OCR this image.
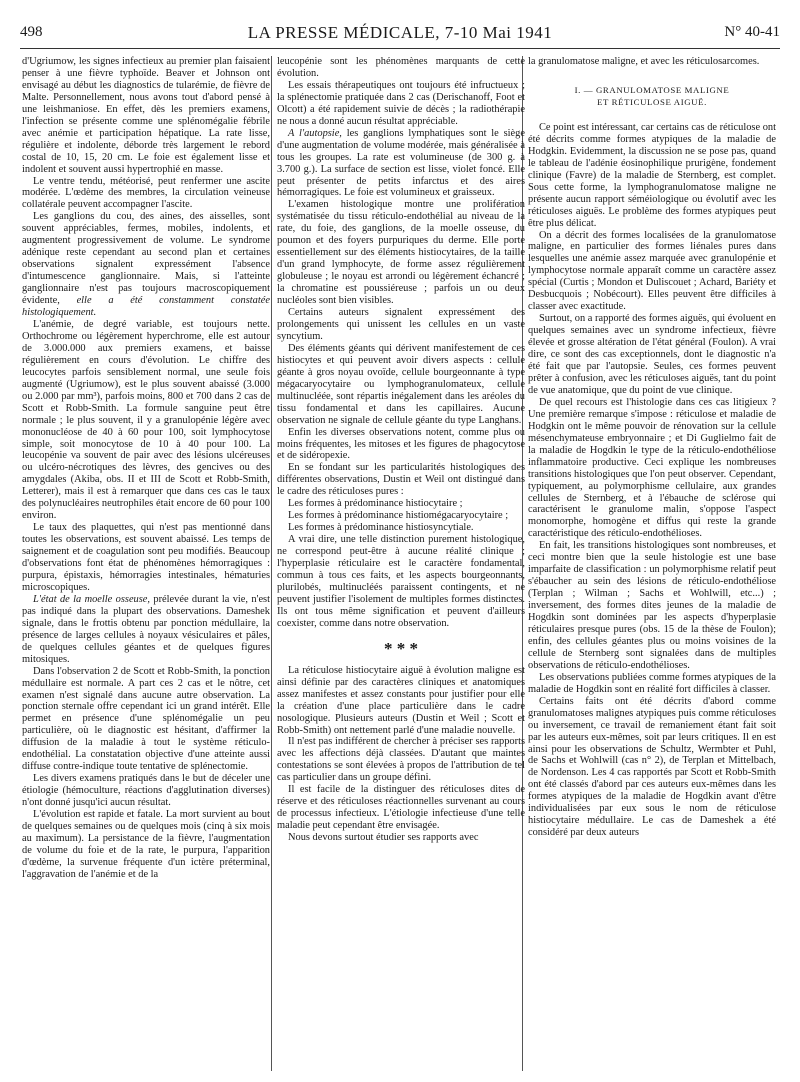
498	LA PRESSE MÉDICALE, 7-10 Mai 1941	N° 40-41

d'Ugriumow, les signes infectieux au premier plan faisaient penser à une fièvre typhoïde. Beaver et Johnson ont envisagé au début les diagnostics de tularémie, de fièvre de Malte. Personnellement, nous avons tout d'abord pensé à une leishmaniose. En effet, dès les premiers examens, l'infection se présente comme une splénomégalie fébrile avec anémie et participation hépatique. La rate lisse, régulière et indolente, déborde très largement le rebord costal de 10, 15, 20 cm. Le foie est également lisse et indolent et souvent aussi hypertrophié en masse.

Le ventre tendu, météorisé, peut renfermer une ascite modérée. L'œdème des membres, la circulation veineuse collatérale peuvent accompagner l'ascite.

Les ganglions du cou, des aines, des aisselles, sont souvent appréciables, fermes, mobiles, indolents, et augmentent progressivement de volume. Le syndrome adénique reste cependant au second plan et certaines observations signalent expressément l'absence d'intumescence ganglionnaire. Mais, si l'atteinte ganglionnaire n'est pas toujours macroscopiquement évidente, elle a été constamment constatée histologiquement.

L'anémie, de degré variable, est toujours nette. Orthochrome ou légèrement hyperchrome, elle est autour de 3.000.000 aux premiers examens, et baisse régulièrement en cours d'évolution. Le chiffre des leucocytes parfois sensiblement normal, une seule fois augmenté (Ugriumow), est le plus souvent abaissé (3.000 ou 2.000 par mm³), parfois moins, 800 et 700 dans 2 cas de Scott et Robb-Smith. La formule sanguine peut être normale ; le plus souvent, il y a granulopénie légère avec mononucléose de 40 à 60 pour 100, soit lymphocytose simple, soit monocytose de 10 à 40 pour 100. La leucopénie va souvent de pair avec des lésions ulcéreuses ou ulcéro-nécrotiques des lèvres, des gencives ou des amygdales (Akiba, obs. II et III de Scott et Robb-Smith, Letterer), mais il est à remarquer que dans ces cas le taux des polynucléaires neutrophiles était encore de 60 pour 100 environ.

Le taux des plaquettes, qui n'est pas mentionné dans toutes les observations, est souvent abaissé. Les temps de saignement et de coagulation sont peu modifiés. Beaucoup d'observations font état de phénomènes hémorragiques : purpura, épistaxis, hémorragies intestinales, hématuries microscopiques.

L'état de la moelle osseuse, prélevée durant la vie, n'est pas indiqué dans la plupart des observations. Dameshek signale, dans le frottis obtenu par ponction médullaire, la présence de larges cellules à noyaux vésiculaires et pâles, de quelques cellules géantes et de quelques figures mitosiques.

Dans l'observation 2 de Scott et Robb-Smith, la ponction médullaire est normale. A part ces 2 cas et le nôtre, cet examen n'est signalé dans aucune autre observation. La ponction sternale offre cependant ici un grand intérêt. Elle permet en présence d'une splénomégalie un peu particulière, où le diagnostic est hésitant, d'affirmer la diffusion de la maladie à tout le système réticulo-endothélial. La constatation objective d'une atteinte aussi diffuse contre-indique toute tentative de splénectomie.

Les divers examens pratiqués dans le but de déceler une étiologie (hémoculture, réactions d'agglutination diverses) n'ont donné jusqu'ici aucun résultat.

L'évolution est rapide et fatale. La mort survient au bout de quelques semaines ou de quelques mois (cinq à six mois au maximum). La persistance de la fièvre, l'augmentation de volume du foie et de la rate, le purpura, l'apparition d'œdème, la survenue fréquente d'un ictère préterminal, l'aggravation de l'anémie et de la

leucopénie sont les phénomènes marquants de cette évolution.

Les essais thérapeutiques ont toujours été infructueux ; la splénectomie pratiquée dans 2 cas (Derischanoff, Foot et Olcott) a été rapidement suivie de décès ; la radiothérapie ne nous a donné aucun résultat appréciable.

A l'autopsie, les ganglions lymphatiques sont le siège d'une augmentation de volume modérée, mais généralisée à tous les groupes. La rate est volumineuse (de 300 g. à 3.700 g.). La surface de section est lisse, violet foncé. Elle peut présenter de petits infarctus et des aires hémorragiques. Le foie est volumineux et graisseux.

L'examen histologique montre une prolifération systématisée du tissu réticulo-endothélial au niveau de la rate, du foie, des ganglions, de la moelle osseuse, du poumon et des foyers purpuriques du derme. Elle porte essentiellement sur des éléments histiocytaires, de la taille d'un grand lymphocyte, de forme assez régulièrement globuleuse ; le noyau est arrondi ou légèrement échancré ; la chromatine est poussiéreuse ; parfois un ou deux nucléoles sont bien visibles.

Certains auteurs signalent expressément des prolongements qui unissent les cellules en un vaste syncytium.

Des éléments géants qui dérivent manifestement de ces histiocytes et qui peuvent avoir divers aspects : cellule géante à gros noyau ovoïde, cellule bourgeonnante à type mégacaryocytaire ou lymphogranulomateux, cellule multinucléée, sont répartis inégalement dans les aréoles du tissu fondamental et dans les capillaires. Aucune observation ne signale de cellule géante du type Langhans.

Enfin les diverses observations notent, comme plus ou moins fréquentes, les mitoses et les figures de phagocytose et de sidéropexie.

En se fondant sur les particularités histologiques des différentes observations, Dustin et Weil ont distingué dans le cadre des réticuloses pures :

Les formes à prédominance histiocytaire ;

Les formes à prédominance histiomégacaryocytaire ;

Les formes à prédominance histiosyncytiale.

A vrai dire, une telle distinction purement histologique, ne correspond peut-être à aucune réalité clinique ; l'hyperplasie réticulaire est le caractère fondamental, commun à tous ces faits, et les aspects bourgeonnants, plurilobés, multinucléés paraissent contingents, et ne peuvent justifier l'isolement de multiples formes distinctes. Ils ont tous même signification et peuvent d'ailleurs coexister, comme dans notre observation.

* * *

La réticulose histiocytaire aiguë à évolution maligne est ainsi définie par des caractères cliniques et anatomiques assez manifestes et assez constants pour justifier pour elle la création d'une place particulière dans le cadre nosologique. Plusieurs auteurs (Dustin et Weil ; Scott et Robb-Smith) ont nettement parlé d'une maladie nouvelle.

Il n'est pas indifférent de chercher à préciser ses rapports avec les affections déjà classées. D'autant que maintes contestations se sont élevées à propos de l'attribution de tel cas particulier dans un groupe défini.

Il est facile de la distinguer des réticuloses dites de réserve et des réticuloses réactionnelles survenant au cours de processus infectieux. L'étiologie infectieuse d'une telle maladie peut cependant être envisagée.

Nous devons surtout étudier ses rapports avec

la granulomatose maligne, et avec les réticulosarcomes.

I. — GRANULOMATOSE MALIGNE
ET RÉTICULOSE AIGUË.

Ce point est intéressant, car certains cas de réticulose ont été décrits comme formes atypiques de la maladie de Hodgkin. Evidemment, la discussion ne se pose pas, quand le tableau de l'adénie éosinophilique prurigène, fondement clinique (Favre) de la maladie de Sternberg, est complet. Sous cette forme, la lymphogranulomatose maligne ne présente aucun rapport séméiologique ou évolutif avec les réticuloses aiguës. Le problème des formes atypiques peut être plus délicat.

On a décrit des formes localisées de la granulomatose maligne, en particulier des formes liénales pures dans lesquelles une anémie assez marquée avec granulopénie et lymphocytose normale apparaît comme un caractère assez spécial (Curtis ; Mondon et Duliscouet ; Achard, Bariéty et Desbucquois ; Nobécourt). Elles peuvent être difficiles à classer avec exactitude.

Surtout, on a rapporté des formes aiguës, qui évoluent en quelques semaines avec un syndrome infectieux, fièvre élevée et grosse altération de l'état général (Foulon). A vrai dire, ce sont des cas exceptionnels, dont le diagnostic n'a été fait que par l'autopsie. Seules, ces formes peuvent prêter à confusion, avec les réticuloses aiguës, tant du point de vue anatomique, que du point de vue clinique.

De quel recours est l'histologie dans ces cas litigieux ? Une première remarque s'impose : réticulose et maladie de Hodgkin ont le même pouvoir de rénovation sur la cellule mésenchymateuse embryonnaire ; et Di Guglielmo fait de la maladie de Hogdkin le type de la réticulo-endothéliose inflammatoire productive. Ceci explique les nombreuses transitions histologiques que l'on peut observer. Cependant, typiquement, au polymorphisme cellulaire, aux grandes cellules de Sternberg, et à l'ébauche de sclérose qui caractérisent le granulome malin, s'oppose l'aspect monomorphe, homogène et diffus qui reste la grande caractéristique des réticulo-endothélioses.

En fait, les transitions histologiques sont nombreuses, et ceci montre bien que la seule histologie est une base imparfaite de classification : un polymorphisme relatif peut s'ébaucher au sein des lésions de réticulo-endothéliose (Terplan ; Wilman ; Sachs et Wohlwill, etc...) ; inversement, des formes dites jeunes de la maladie de Hogdkin sont dominées par les aspects d'hyperplasie réticulaires presque pures (obs. 15 de la thèse de Foulon); enfin, des cellules géantes plus ou moins voisines de la cellule de Sternberg sont signalées dans de multiples observations de réticulo-endothélioses.

Les observations publiées comme formes atypiques de la maladie de Hogdkin sont en réalité fort difficiles à classer.

Certains faits ont été décrits d'abord comme granulomatoses malignes atypiques puis comme réticuloses ou inversement, ce travail de remaniement étant fait soit par les auteurs eux-mêmes, soit par leurs critiques. Il en est ainsi pour les observations de Schultz, Wermbter et Puhl, de Sachs et Wohlwill (cas n° 2), de Terplan et Mittelbach, de Nordenson. Les 4 cas rapportés par Scott et Robb-Smith ont été classés d'abord par ces auteurs eux-mêmes dans les formes atypiques de la maladie de Hogdkin avant d'être individualisées par eux sous le nom de réticulose histiocytaire médullaire. Le cas de Dameshek a été considéré par deux auteurs
